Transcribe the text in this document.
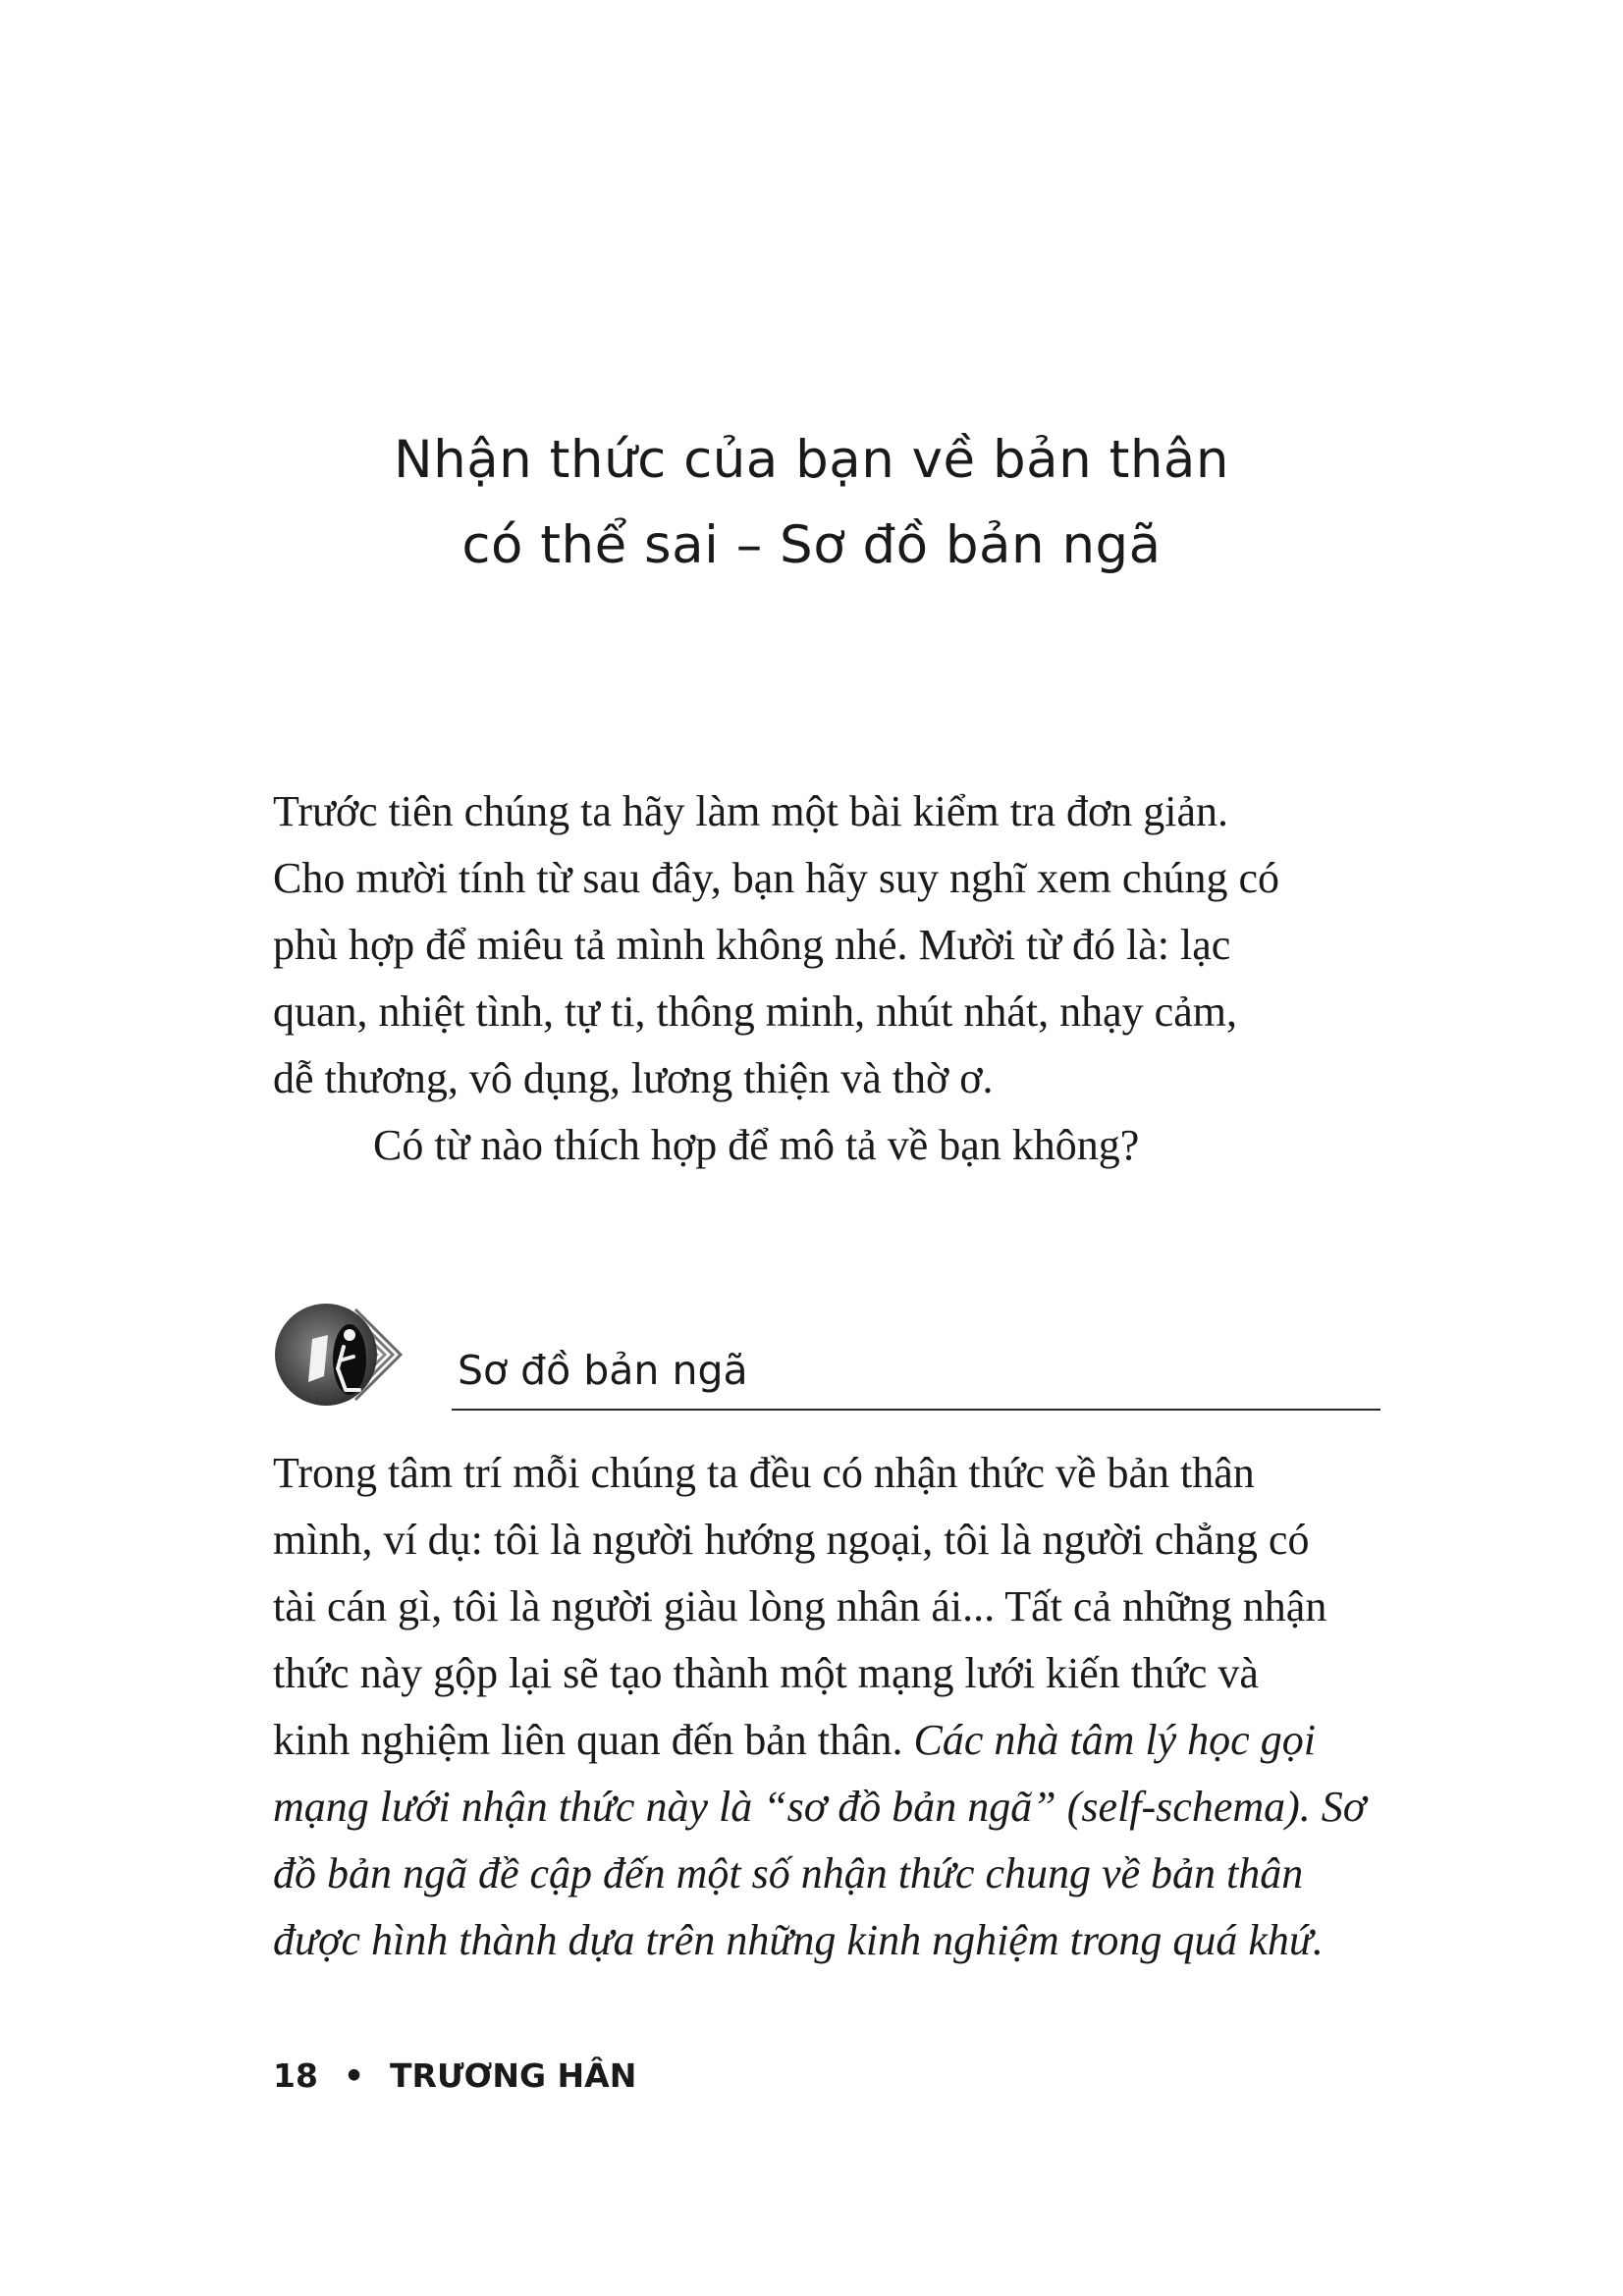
Nhận thức của bạn về bản thân
có thể sai – Sơ đồ bản ngã
Trước tiên chúng ta hãy làm một bài kiểm tra đơn giản.
Cho mười tính từ sau đây, bạn hãy suy nghĩ xem chúng có
phù hợp để miêu tả mình không nhé. Mười từ đó là: lạc
quan, nhiệt tình, tự ti, thông minh, nhút nhát, nhạy cảm,
dễ thương, vô dụng, lương thiện và thờ ơ.
Có từ nào thích hợp để mô tả về bạn không?
Sơ đồ bản ngã
Trong tâm trí mỗi chúng ta đều có nhận thức về bản thân
mình, ví dụ: tôi là người hướng ngoại, tôi là người chẳng có
tài cán gì, tôi là người giàu lòng nhân ái... Tất cả những nhận
thức này gộp lại sẽ tạo thành một mạng lưới kiến thức và
kinh nghiệm liên quan đến bản thân. Các nhà tâm lý học gọi
mạng lưới nhận thức này là “sơ đồ bản ngã” (self-schema). Sơ
đồ bản ngã đề cập đến một số nhận thức chung về bản thân
được hình thành dựa trên những kinh nghiệm trong quá khứ.
18 • TRƯƠNG HÂN
